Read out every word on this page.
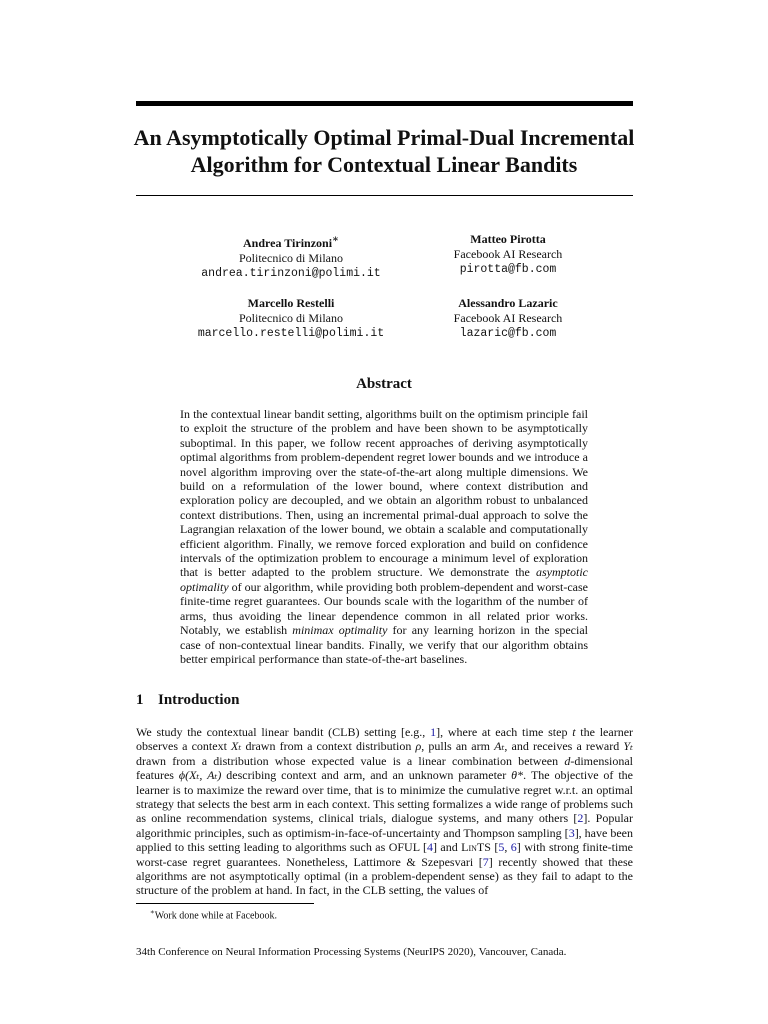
An Asymptotically Optimal Primal-Dual Incremental Algorithm for Contextual Linear Bandits
Andrea Tirinzoni∗
Politecnico di Milano
andrea.tirinzoni@polimi.it
Matteo Pirotta
Facebook AI Research
pirotta@fb.com
Marcello Restelli
Politecnico di Milano
marcello.restelli@polimi.it
Alessandro Lazaric
Facebook AI Research
lazaric@fb.com
Abstract

In the contextual linear bandit setting, algorithms built on the optimism principle fail to exploit the structure of the problem and have been shown to be asymptotically suboptimal. In this paper, we follow recent approaches of deriving asymptotically optimal algorithms from problem-dependent regret lower bounds and we introduce a novel algorithm improving over the state-of-the-art along multiple dimensions. We build on a reformulation of the lower bound, where context distribution and exploration policy are decoupled, and we obtain an algorithm robust to unbalanced context distributions. Then, using an incremental primal-dual approach to solve the Lagrangian relaxation of the lower bound, we obtain a scalable and computationally efficient algorithm. Finally, we remove forced exploration and build on confidence intervals of the optimization problem to encourage a minimum level of exploration that is better adapted to the problem structure. We demonstrate the asymptotic optimality of our algorithm, while providing both problem-dependent and worst-case finite-time regret guarantees. Our bounds scale with the logarithm of the number of arms, thus avoiding the linear dependence common in all related prior works. Notably, we establish minimax optimality for any learning horizon in the special case of non-contextual linear bandits. Finally, we verify that our algorithm obtains better empirical performance than state-of-the-art baselines.

1 Introduction

We study the contextual linear bandit (CLB) setting [e.g., 1], where at each time step t the learner observes a context Xₜ drawn from a context distribution ρ, pulls an arm Aₜ, and receives a reward Yₜ drawn from a distribution whose expected value is a linear combination between d-dimensional features ϕ(Xₜ, Aₜ) describing context and arm, and an unknown parameter θ*. The objective of the learner is to maximize the reward over time, that is to minimize the cumulative regret w.r.t. an optimal strategy that selects the best arm in each context. This setting formalizes a wide range of problems such as online recommendation systems, clinical trials, dialogue systems, and many others [2]. Popular algorithmic principles, such as optimism-in-face-of-uncertainty and Thompson sampling [3], have been applied to this setting leading to algorithms such as OFUL [4] and LinTS [5, 6] with strong finite-time worst-case regret guarantees. Nonetheless, Lattimore & Szepesvari [7] recently showed that these algorithms are not asymptotically optimal (in a problem-dependent sense) as they fail to adapt to the structure of the problem at hand. In fact, in the CLB setting, the values of

∗Work done while at Facebook.

34th Conference on Neural Information Processing Systems (NeurIPS 2020), Vancouver, Canada.
